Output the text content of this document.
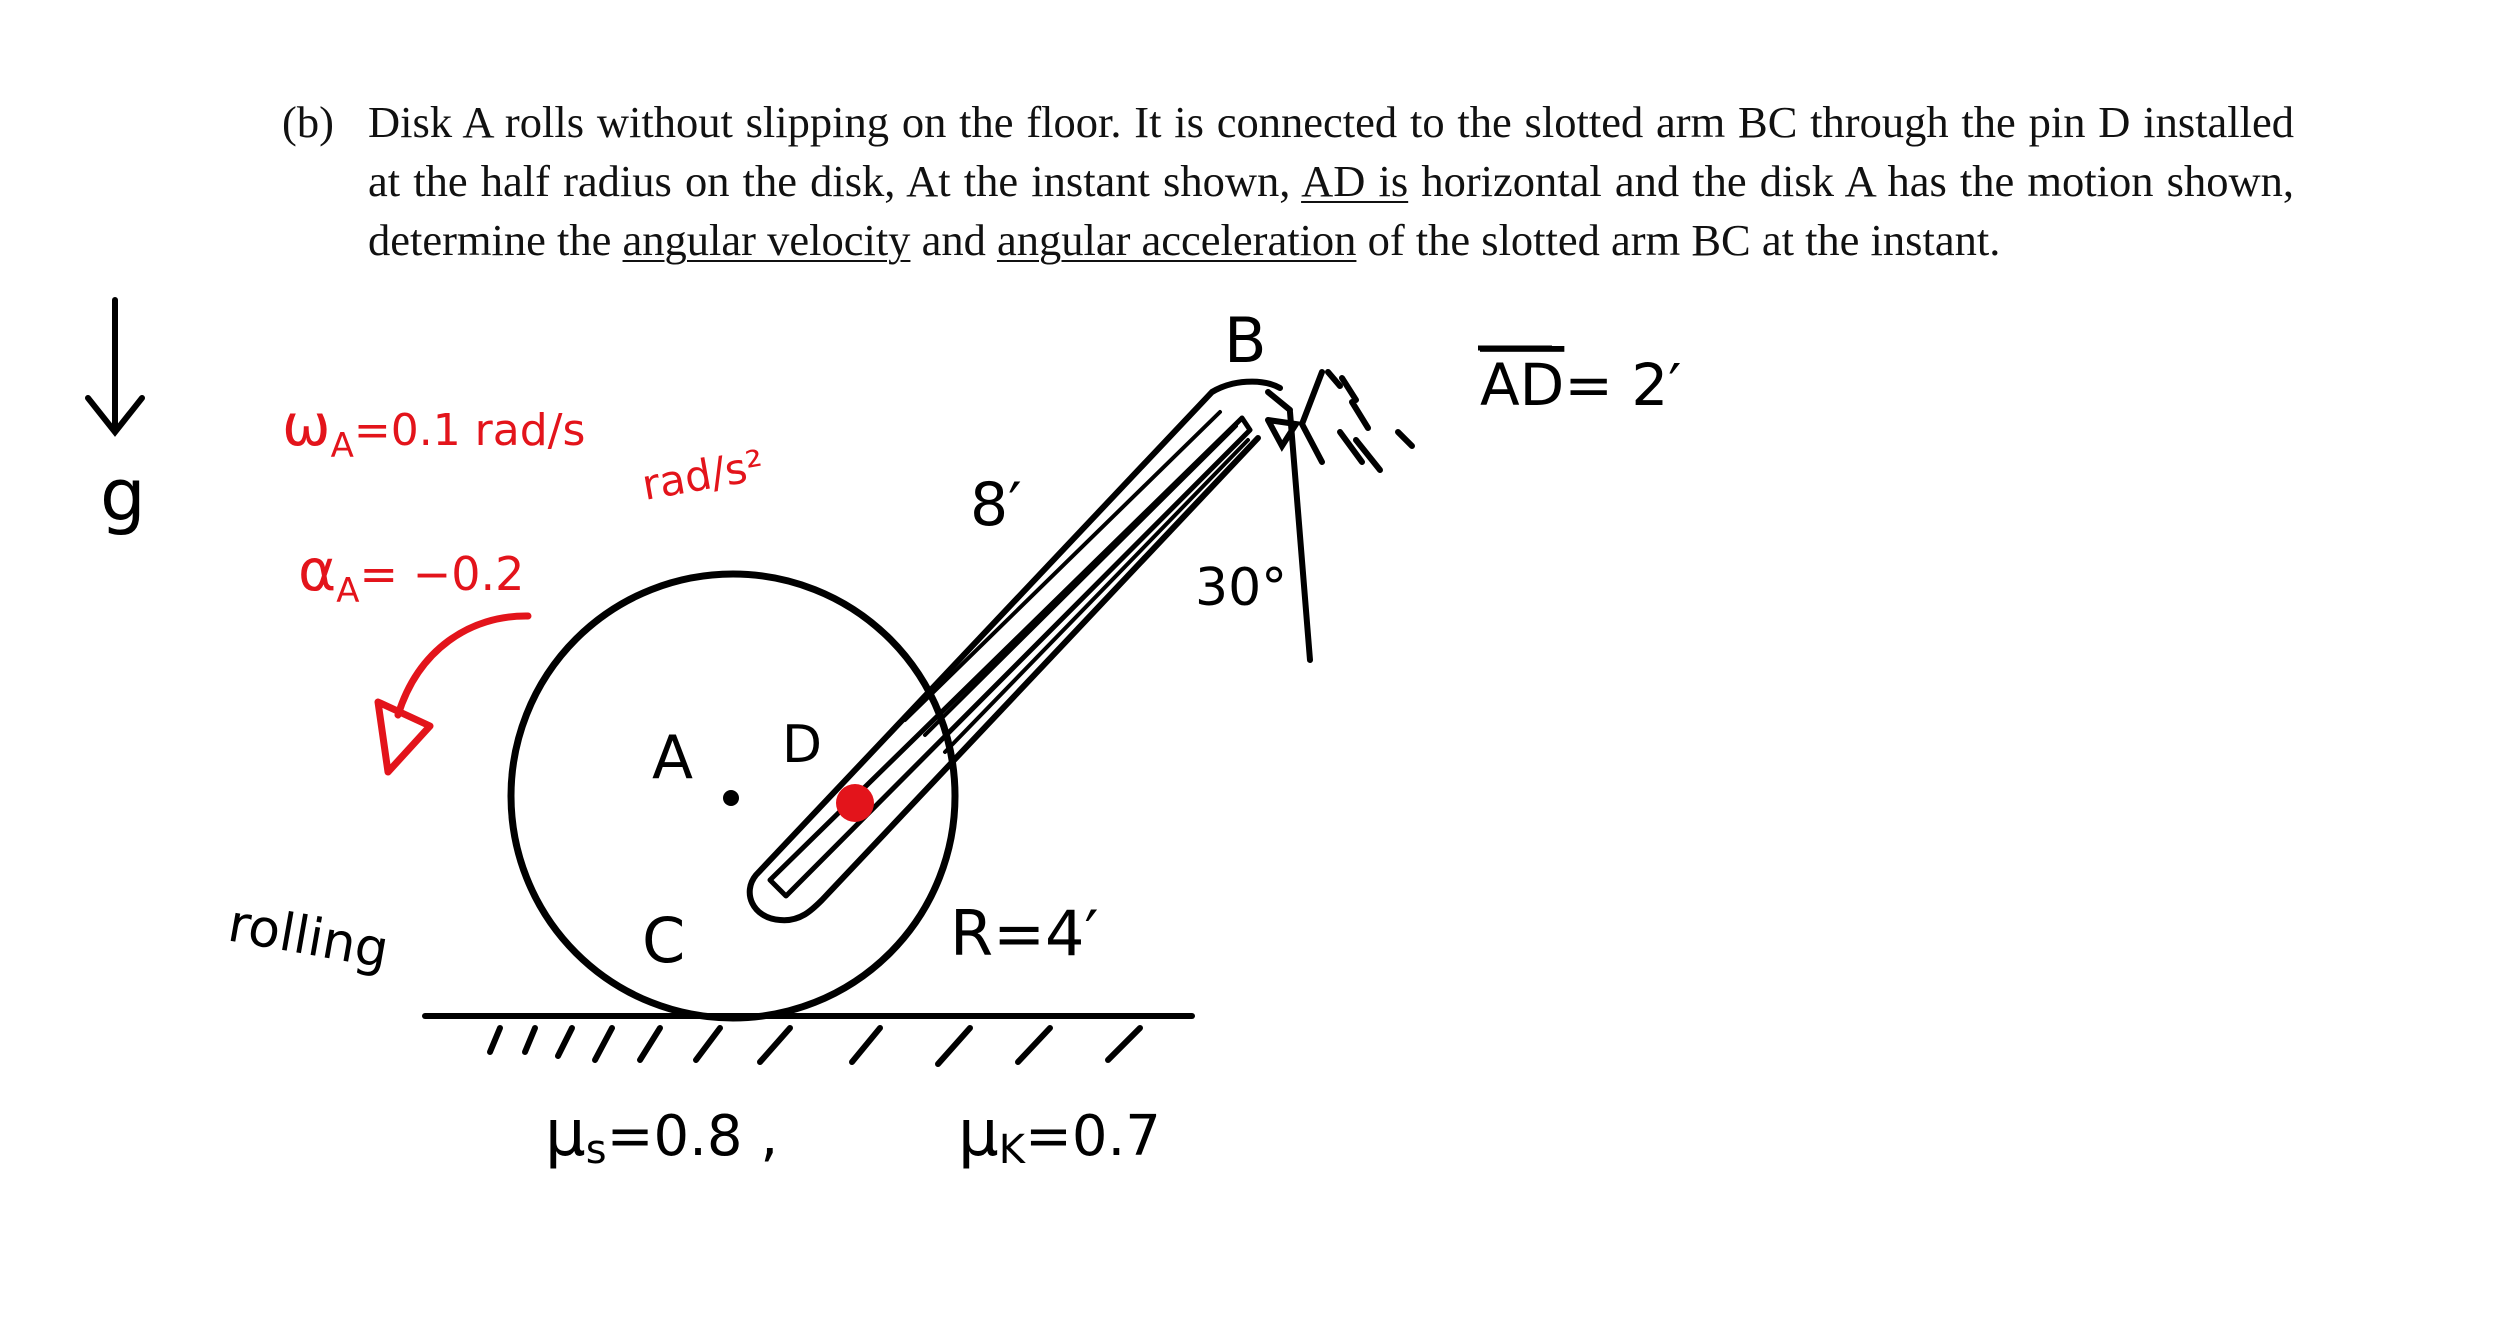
(b) Disk A rolls without slipping on the floor. It is connected to the slotted arm BC through the pin D installed at the half radius on the disk, At the instant shown, AD is horizontal and the disk A has the motion shown, determine the angular velocity and angular acceleration of the slotted arm BC at the instant.
g
$\omega_A^{=0.1 rad/s}$
$\alpha_A^{= -0.2}$
rad/s²
A D
C
rolling
μs=0.8 ,	μK=0.7
B
30°
8′
R=4′
AD= 2′
